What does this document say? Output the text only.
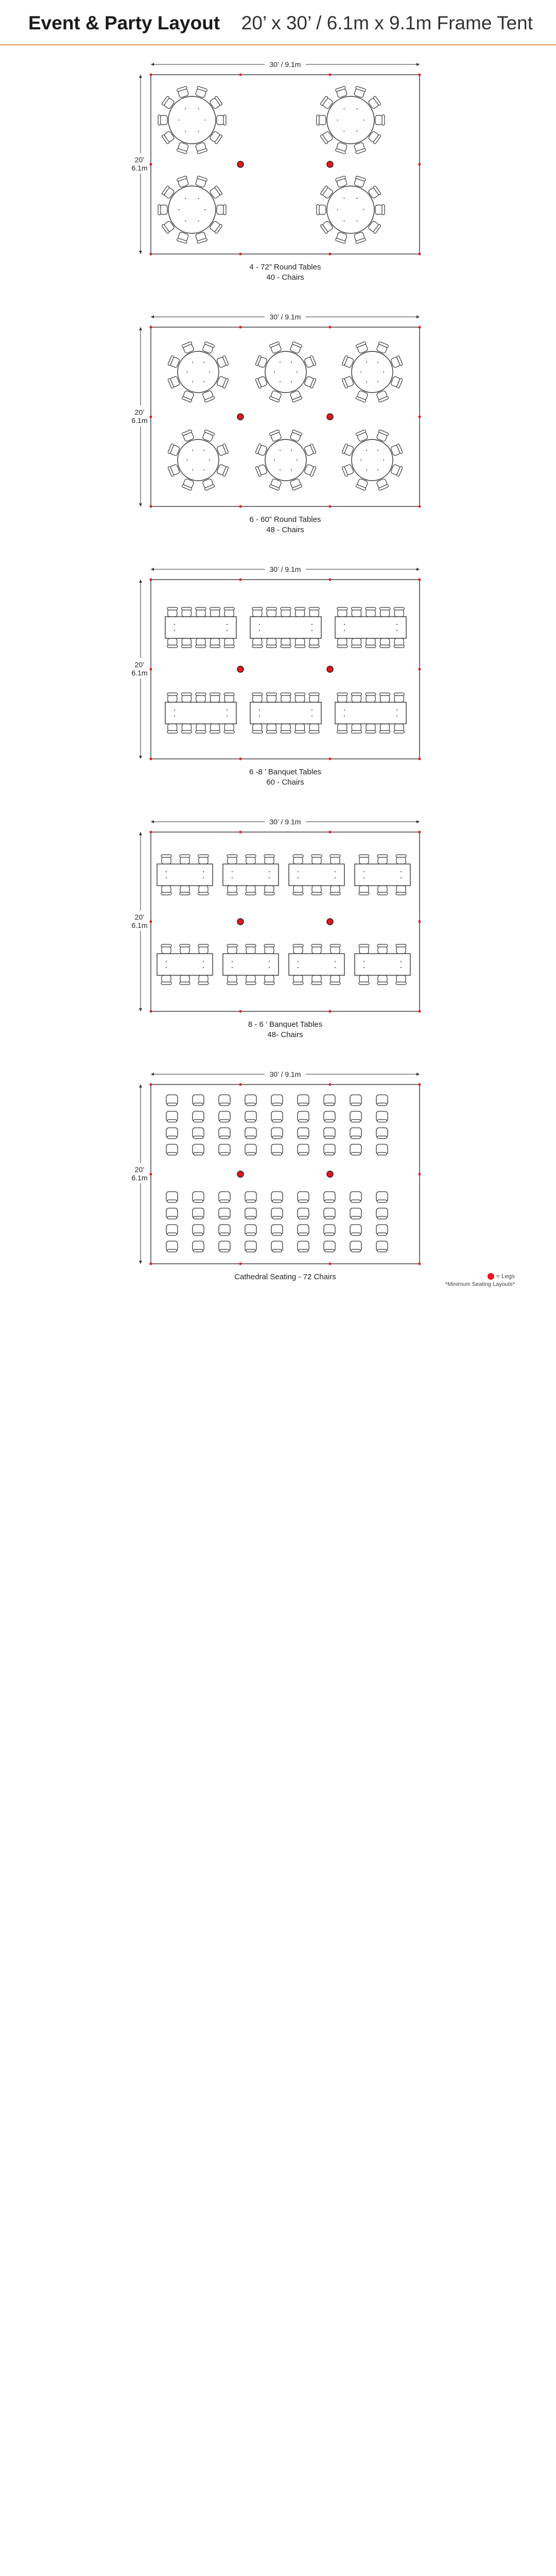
Event & Party Layout 20’ x 30’ / 6.1m x 9.1m Frame Tent
30’ / 9.1m
20’
6.1m
4 - 72” Round Tables
40 - Chairs
30’ / 9.1m
20’
6.1m
6 - 60” Round Tables
48 - Chairs
30’ / 9.1m
20’
6.1m
6 -8 ’ Banquet Tables
60 - Chairs
30’ / 9.1m
20’
6.1m
8 - 6 ’ Banquet Tables
48- Chairs
30’ / 9.1m
20’
6.1m
Cathedral Seating - 72 Chairs	= Legs
*Minimum Seating Layouts*
